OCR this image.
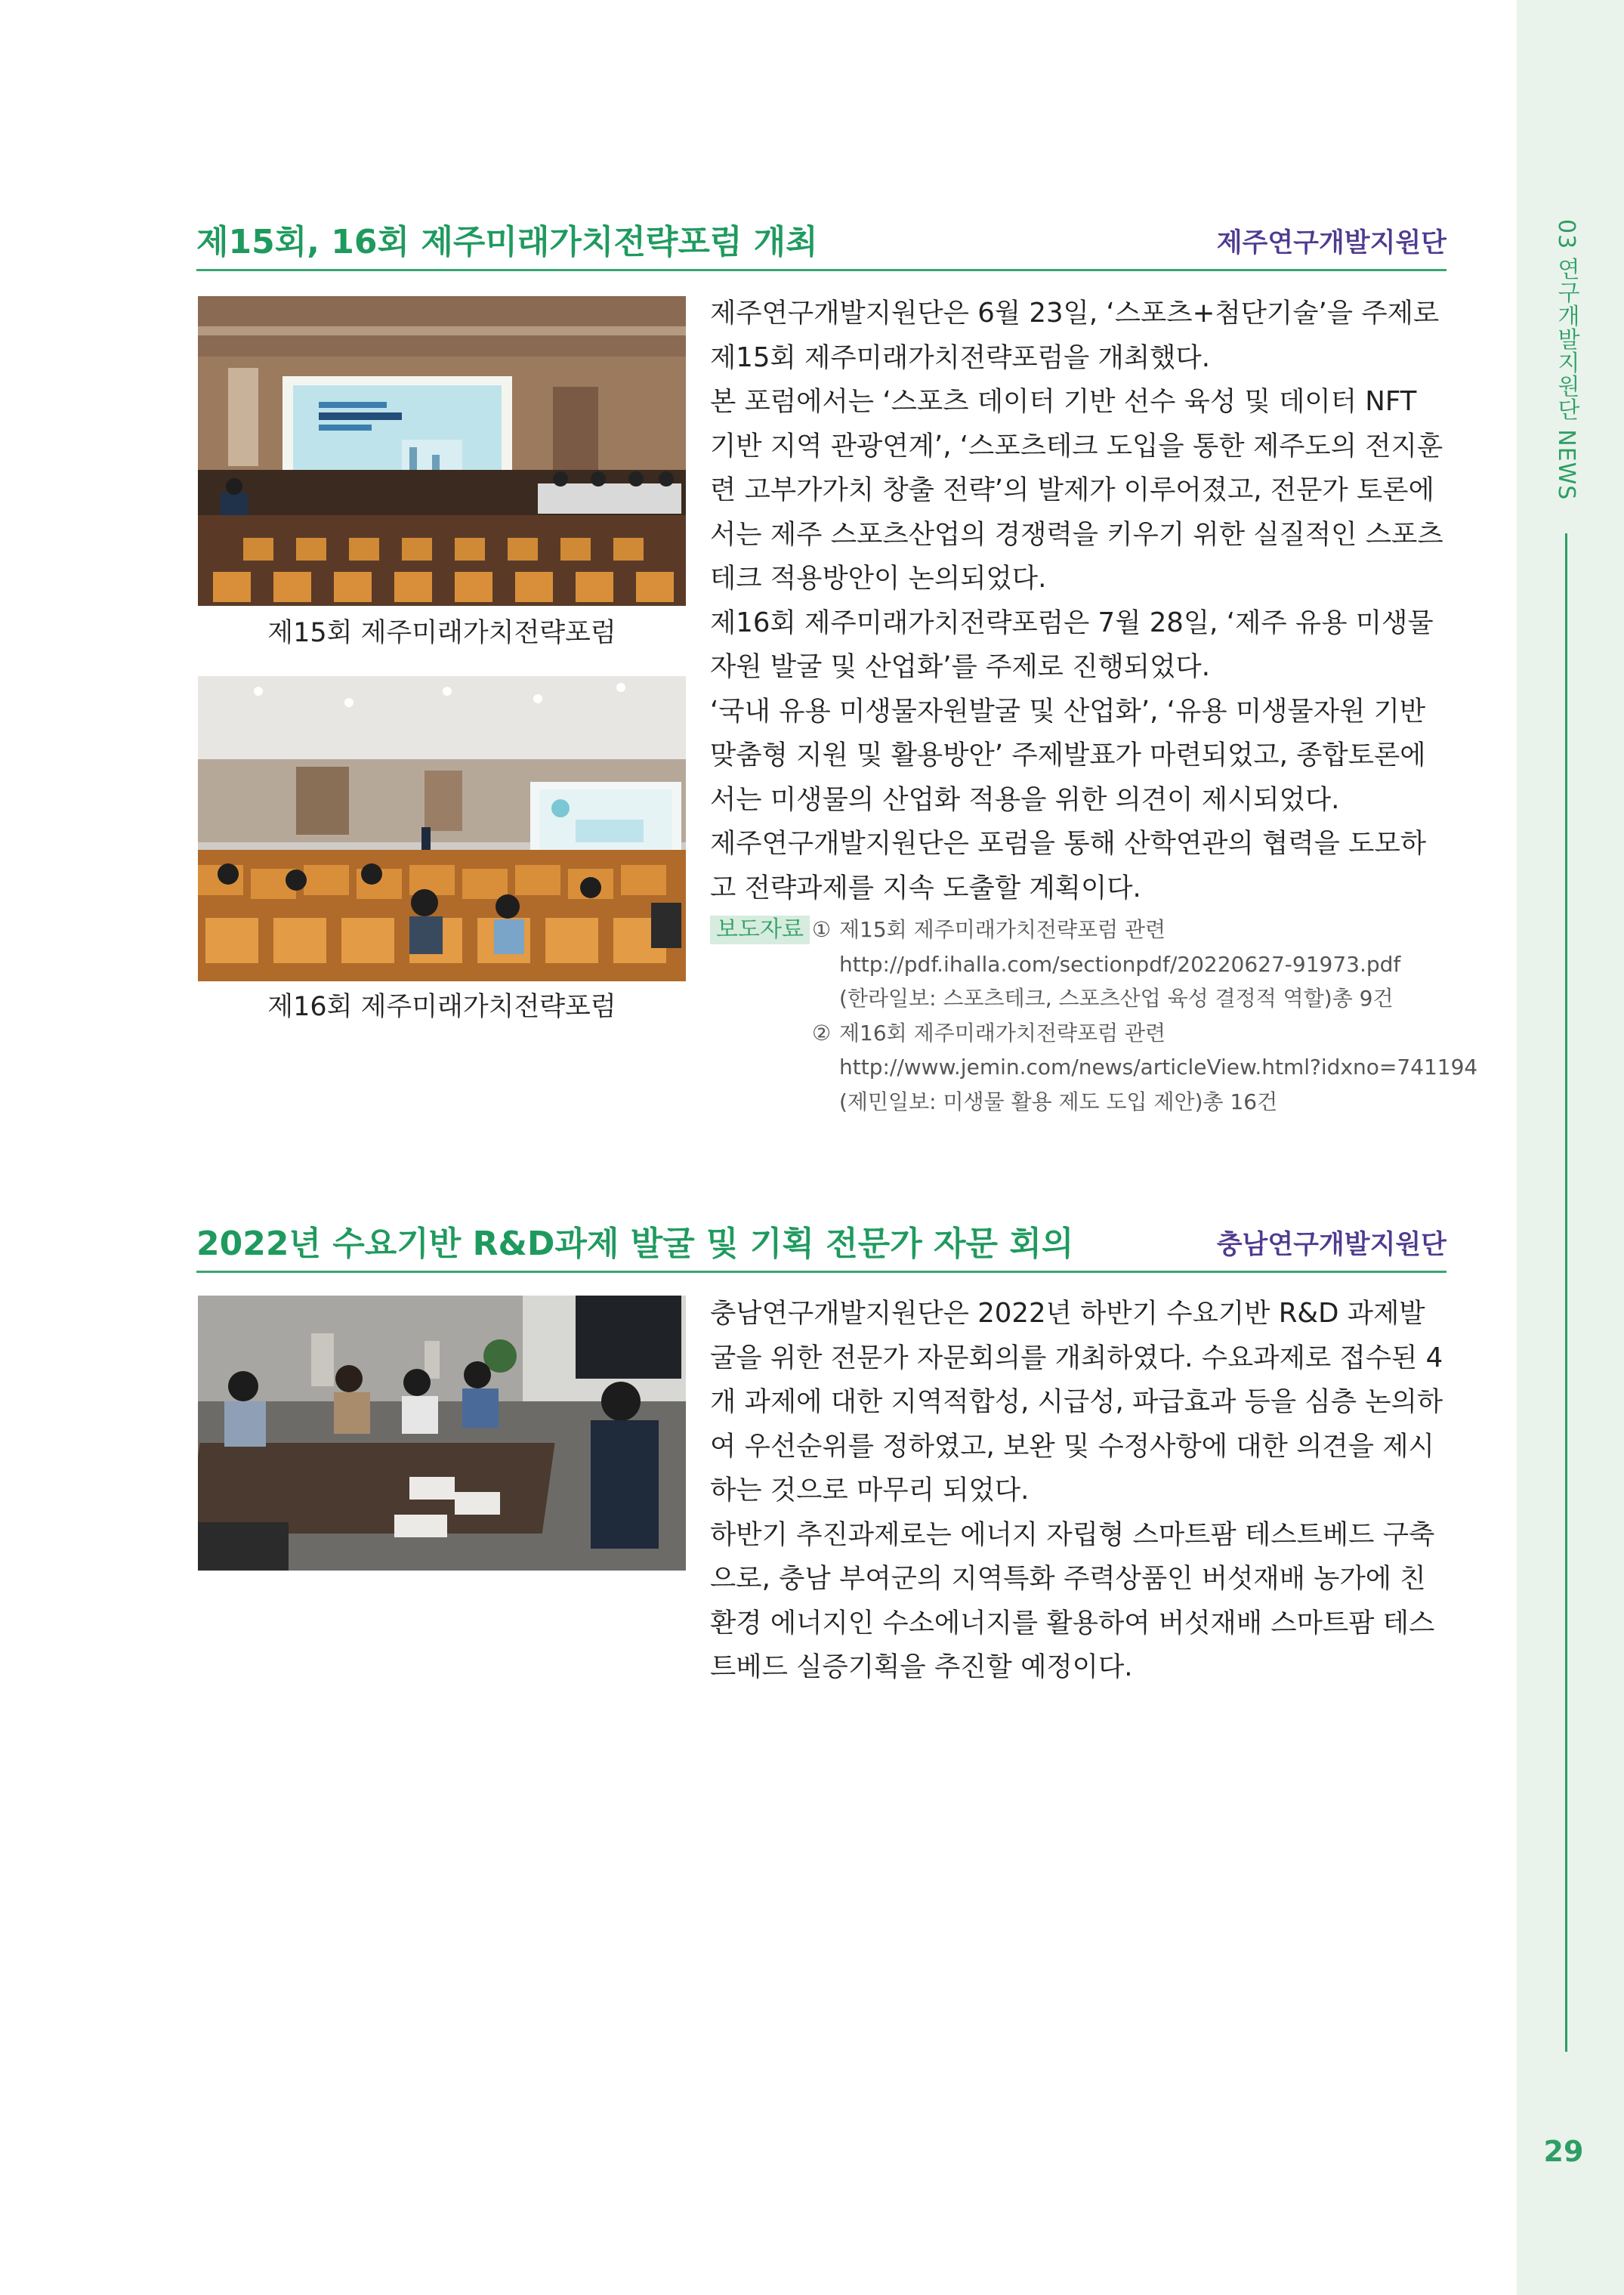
03 연구개발지원단 NEWS
29
제15회, 16회 제주미래가치전략포럼 개최	제주연구개발지원단
제15회 제주미래가치전략포럼
제16회 제주미래가치전략포럼

제주연구개발지원단은 6월 23일, ‘스포츠+첨단기술’을 주제로 제15회 제주미래가치전략포럼을 개최했다.

본 포럼에서는 ‘스포츠 데이터 기반 선수 육성 및 데이터 NFT 기반 지역 관광연계’, ‘스포츠테크 도입을 통한 제주도의 전지훈련 고부가가치 창출 전략’의 발제가 이루어졌고, 전문가 토론에서는 제주 스포츠산업의 경쟁력을 키우기 위한 실질적인 스포츠테크 적용방안이 논의되었다.

제16회 제주미래가치전략포럼은 7월 28일, ‘제주 유용 미생물자원 발굴 및 산업화’를 주제로 진행되었다.

‘국내 유용 미생물자원발굴 및 산업화’, ‘유용 미생물자원 기반 맞춤형 지원 및 활용방안’ 주제발표가 마련되었고, 종합토론에서는 미생물의 산업화 적용을 위한 의견이 제시되었다.

제주연구개발지원단은 포럼을 통해 산학연관의 협력을 도모하고 전략과제를 지속 도출할 계획이다.

보도자료 ① 제15회 제주미래가치전략포럼 관련
http://pdf.ihalla.com/sectionpdf/20220627-91973.pdf
(한라일보: 스포츠테크, 스포츠산업 육성 결정적 역할)총 9건
② 제16회 제주미래가치전략포럼 관련
http://www.jemin.com/news/articleView.html?idxno=741194
(제민일보: 미생물 활용 제도 도입 제안)총 16건
2022년 수요기반 R&D과제 발굴 및 기획 전문가 자문 회의	충남연구개발지원단

충남연구개발지원단은 2022년 하반기 수요기반 R&D 과제발굴을 위한 전문가 자문회의를 개최하였다. 수요과제로 접수된 4개 과제에 대한 지역적합성, 시급성, 파급효과 등을 심층 논의하여 우선순위를 정하였고, 보완 및 수정사항에 대한 의견을 제시하는 것으로 마무리 되었다.

하반기 추진과제로는 에너지 자립형 스마트팜 테스트베드 구축으로, 충남 부여군의 지역특화 주력상품인 버섯재배 농가에 친환경 에너지인 수소에너지를 활용하여 버섯재배 스마트팜 테스트베드 실증기획을 추진할 예정이다.
